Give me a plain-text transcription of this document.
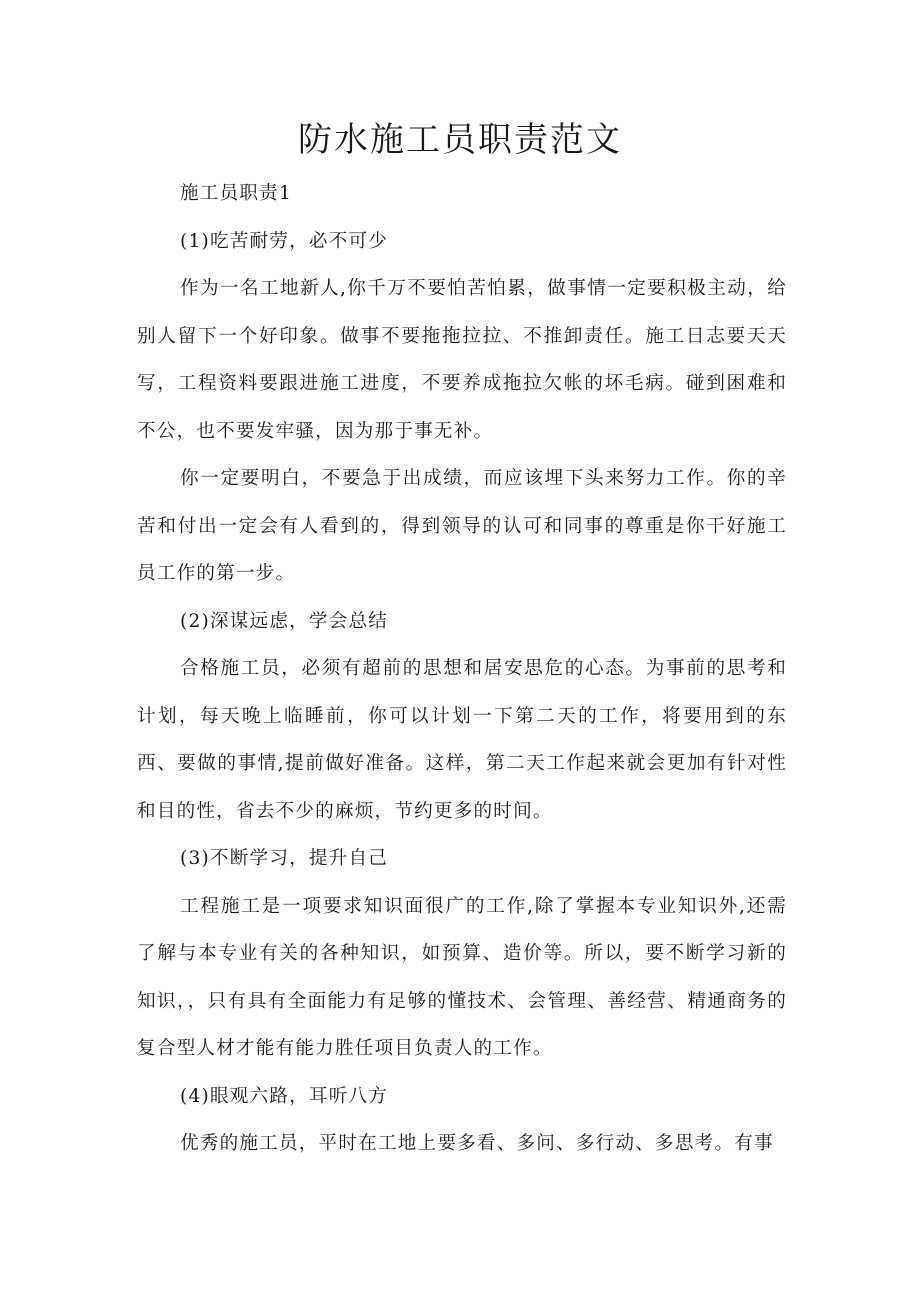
防水施工员职责范文

施工员职责1

(1)吃苦耐劳，必不可少

作为一名工地新人,你千万不要怕苦怕累，做事情一定要积极主动，给别人留下一个好印象。做事不要拖拖拉拉、不推卸责任。施工日志要天天写，工程资料要跟进施工进度，不要养成拖拉欠帐的坏毛病。碰到困难和不公，也不要发牢骚，因为那于事无补。

你一定要明白，不要急于出成绩，而应该埋下头来努力工作。你的辛苦和付出一定会有人看到的，得到领导的认可和同事的尊重是你干好施工员工作的第一步。

(2)深谋远虑，学会总结

合格施工员，必须有超前的思想和居安思危的心态。为事前的思考和计划，每天晚上临睡前，你可以计划一下第二天的工作，将要用到的东西、要做的事情,提前做好准备。这样，第二天工作起来就会更加有针对性和目的性，省去不少的麻烦，节约更多的时间。

(3)不断学习，提升自己

工程施工是一项要求知识面很广的工作,除了掌握本专业知识外,还需了解与本专业有关的各种知识，如预算、造价等。所以，要不断学习新的知识，，只有具有全面能力有足够的懂技术、会管理、善经营、精通商务的复合型人材才能有能力胜任项目负责人的工作。

(4)眼观六路，耳听八方

优秀的施工员，平时在工地上要多看、多问、多行动、多思考。有事
